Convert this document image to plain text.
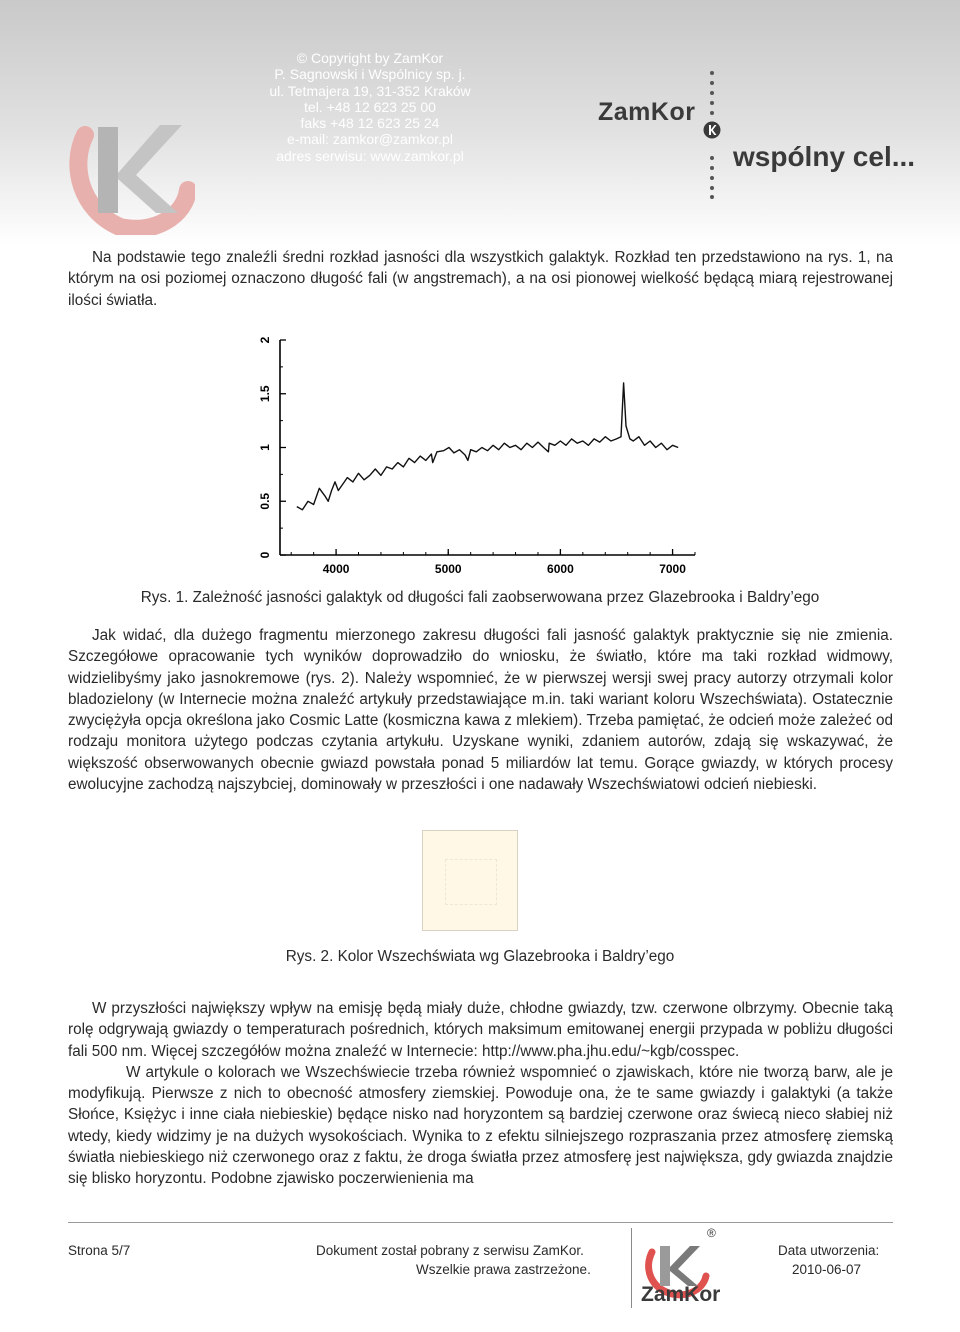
© Copyright by ZamKor
P. Sagnowski i Wspólnicy sp. j.
ul. Tetmajera 19, 31-352 Kraków
tel. +48 12 623 25 00
faks +48 12 623 25 24
e-mail: zamkor@zamkor.pl
adres serwisu: www.zamkor.pl
ZamKor
wspólny cel...

Na podstawie tego znaleźli średni rozkład jasności dla wszystkich galaktyk. Rozkład ten przedstawiono na rys. 1, na którym na osi poziomej oznaczono długość fali (w angstremach), a na osi pionowej wielkość będącą miarą rejestrowanej ilości światła.

0
0.5
1
1.5
2
4000	5000	6000	7000
Rys. 1. Zależność jasności galaktyk od długości fali zaobserwowana przez Glazebrooka i Baldry’ego

Jak widać, dla dużego fragmentu mierzonego zakresu długości fali jasność galaktyk praktycznie się nie zmienia. Szczegółowe opracowanie tych wyników doprowadziło do wniosku, że światło, które ma taki rozkład widmowy, widzielibyśmy jako jasnokremowe (rys. 2). Należy wspomnieć, że w pierwszej wersji swej pracy autorzy otrzymali kolor bladozielony (w Internecie można znaleźć artykuły przedstawiające m.in. taki wariant koloru Wszechświata). Ostatecznie zwyciężyła opcja określona jako Cosmic Latte (kosmiczna kawa z mlekiem). Trzeba pamiętać, że odcień może zależeć od rodzaju monitora użytego podczas czytania artykułu. Uzyskane wyniki, zdaniem autorów, zdają się wskazywać, że większość obserwowanych obecnie gwiazd powstała ponad 5 miliardów lat temu. Gorące gwiazdy, w których procesy ewolucyjne zachodzą najszybciej, dominowały w przeszłości i one nadawały Wszechświatowi odcień niebieski.

Rys. 2. Kolor Wszechświata wg Glazebrooka i Baldry’ego

W przyszłości największy wpływ na emisję będą miały duże, chłodne gwiazdy, tzw. czerwone olbrzymy. Obecnie taką rolę odgrywają gwiazdy o temperaturach pośrednich, których maksimum emitowanej energii przypada w pobliżu długości fali 500 nm. Więcej szczegółów można znaleźć w Internecie: http://www.pha.jhu.edu/~kgb/cosspec.

W artykule o kolorach we Wszechświecie trzeba również wspomnieć o zjawiskach, które nie tworzą barw, ale je modyfikują. Pierwsze z nich to obecność atmosfery ziemskiej. Powoduje ona, że te same gwiazdy i galaktyki (a także Słońce, Księżyc i inne ciała niebieskie) będące nisko nad horyzontem są bardziej czerwone oraz świecą nieco słabiej niż wtedy, kiedy widzimy je na dużych wysokościach. Wynika to z efektu silniejszego rozpraszania przez atmosferę ziemską światła niebieskiego niż czerwonego oraz z faktu, że droga światła przez atmosferę jest największa, gdy gwiazda znajdzie się blisko horyzontu. Podobne zjawisko poczerwienienia ma

Strona 5/7	Dokument został pobrany z serwisu ZamKor.
Wszelkie prawa zastrzeżone.
®
ZamKor
Data utworzenia:
2010-06-07
